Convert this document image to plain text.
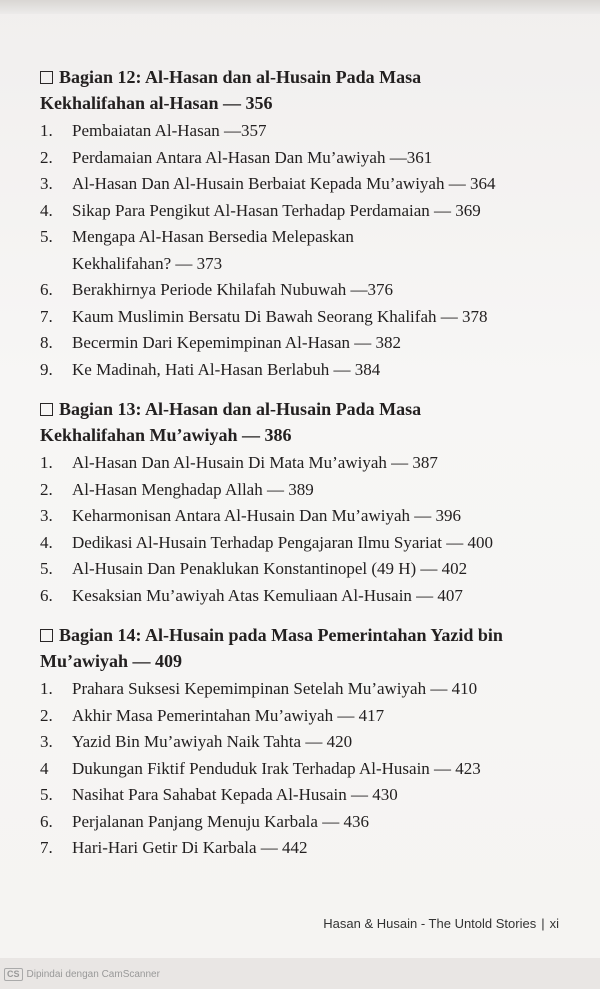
Bagian 12: Al-Hasan dan al-Husain Pada Masa
Kekhalifahan al-Hasan — 356
1.	Pembaiatan Al-Hasan —357
2.	Perdamaian Antara Al-Hasan Dan Mu’awiyah —361
3.	Al-Hasan Dan Al-Husain Berbaiat Kepada Mu’awiyah — 364
4.	Sikap Para Pengikut Al-Hasan Terhadap Perdamaian — 369
5.	Mengapa Al-Hasan Bersedia Melepaskan
Kekhalifahan? — 373
6.	Berakhirnya Periode Khilafah Nubuwah —376
7.	Kaum Muslimin Bersatu Di Bawah Seorang Khalifah — 378
8.	Becermin Dari Kepemimpinan Al-Hasan — 382
9.	Ke Madinah, Hati Al-Hasan Berlabuh — 384
Bagian 13: Al-Hasan dan al-Husain Pada Masa
Kekhalifahan Mu’awiyah — 386
1.	Al-Hasan Dan Al-Husain Di Mata Mu’awiyah — 387
2.	Al-Hasan Menghadap Allah — 389
3.	Keharmonisan Antara Al-Husain Dan Mu’awiyah — 396
4.	Dedikasi Al-Husain Terhadap Pengajaran Ilmu Syariat — 400
5.	Al-Husain Dan Penaklukan Konstantinopel (49 H) — 402
6.	Kesaksian Mu’awiyah Atas Kemuliaan Al-Husain — 407
Bagian 14: Al-Husain pada Masa Pemerintahan Yazid bin
Mu’awiyah — 409
1.	Prahara Suksesi Kepemimpinan Setelah Mu’awiyah — 410
2.	Akhir Masa Pemerintahan Mu’awiyah — 417
3.	Yazid Bin Mu’awiyah Naik Tahta — 420
4	Dukungan Fiktif Penduduk Irak Terhadap Al-Husain — 423
5.	Nasihat Para Sahabat Kepada Al-Husain — 430
6.	Perjalanan Panjang Menuju Karbala — 436
7.	Hari-Hari Getir Di Karbala — 442
Hasan & Husain - The Untold Stories | xi
CS Dipindai dengan CamScanner
